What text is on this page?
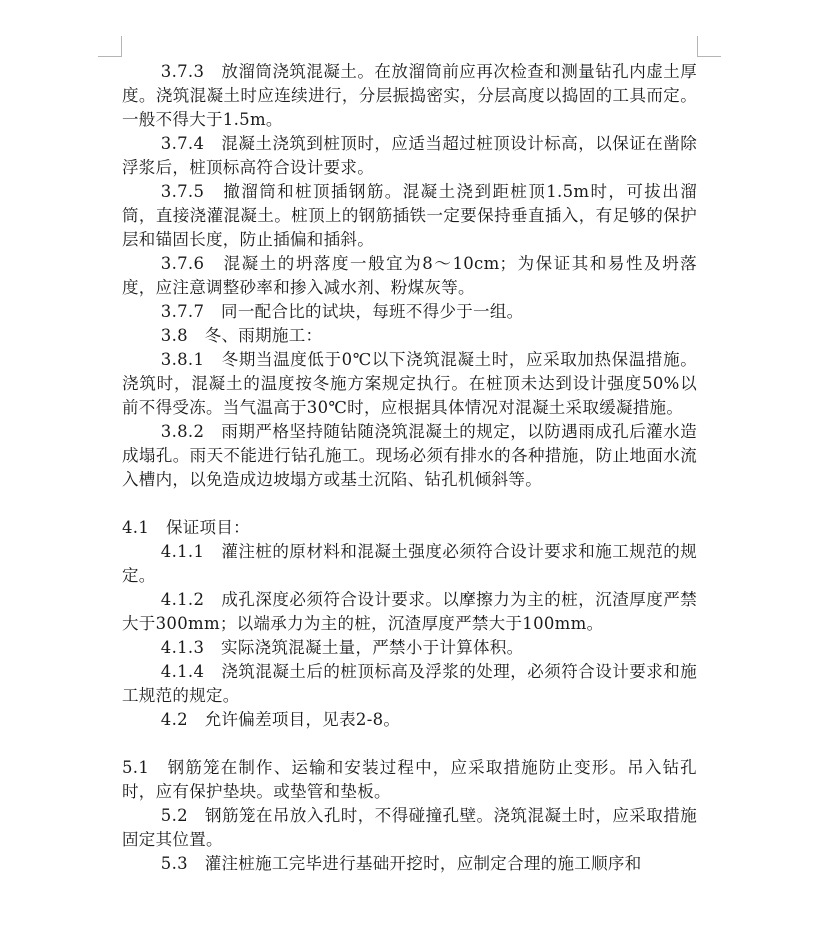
3.7.3　放溜筒浇筑混凝土。在放溜筒前应再次检查和测量钻孔内虚土厚度。浇筑混凝土时应连续进行，分层振捣密实，分层高度以捣固的工具而定。一般不得大于1.5m。

3.7.4　混凝土浇筑到桩顶时，应适当超过桩顶设计标高，以保证在凿除浮浆后，桩顶标高符合设计要求。

3.7.5　撤溜筒和桩顶插钢筋。混凝土浇到距桩顶1.5m时，可拔出溜筒，直接浇灌混凝土。桩顶上的钢筋插铁一定要保持垂直插入，有足够的保护层和锚固长度，防止插偏和插斜。

3.7.6　混凝土的坍落度一般宜为8～10cm；为保证其和易性及坍落度，应注意调整砂率和掺入减水剂、粉煤灰等。

3.7.7　同一配合比的试块，每班不得少于一组。

3.8　冬、雨期施工：

3.8.1　冬期当温度低于0℃以下浇筑混凝土时，应采取加热保温措施。浇筑时，混凝土的温度按冬施方案规定执行。在桩顶未达到设计强度50%以前不得受冻。当气温高于30℃时，应根据具体情况对混凝土采取缓凝措施。

3.8.2　雨期严格坚持随钻随浇筑混凝土的规定，以防遇雨成孔后灌水造成塌孔。雨天不能进行钻孔施工。现场必须有排水的各种措施，防止地面水流入槽内，以免造成边坡塌方或基土沉陷、钻孔机倾斜等。

4.1　保证项目：

4.1.1　灌注桩的原材料和混凝土强度必须符合设计要求和施工规范的规定。

4.1.2　成孔深度必须符合设计要求。以摩擦力为主的桩，沉渣厚度严禁大于300mm；以端承力为主的桩，沉渣厚度严禁大于100mm。

4.1.3　实际浇筑混凝土量，严禁小于计算体积。

4.1.4　浇筑混凝土后的桩顶标高及浮浆的处理，必须符合设计要求和施工规范的规定。

4.2　允许偏差项目，见表2-8。

5.1　钢筋笼在制作、运输和安装过程中，应采取措施防止变形。吊入钻孔时，应有保护垫块。或垫管和垫板。

5.2　钢筋笼在吊放入孔时，不得碰撞孔壁。浇筑混凝土时，应采取措施固定其位置。

5.3　灌注桩施工完毕进行基础开挖时，应制定合理的施工顺序和
